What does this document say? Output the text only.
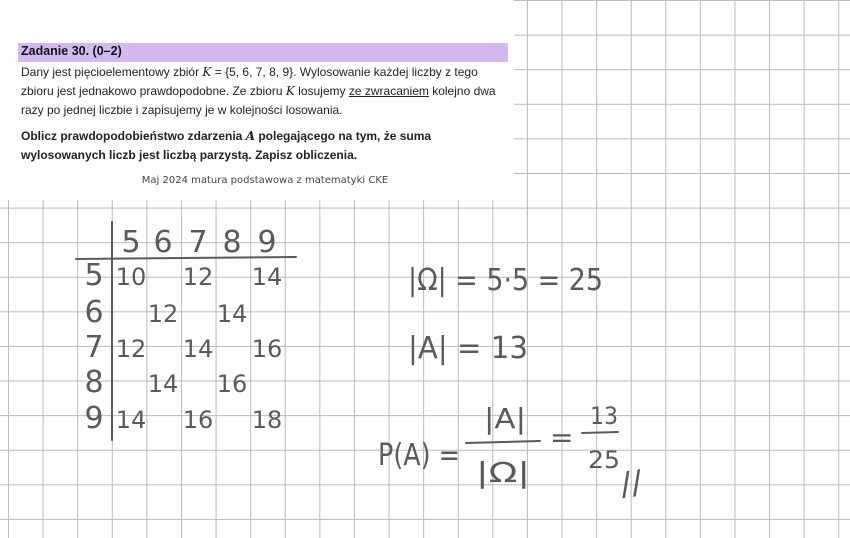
Zadanie 30. (0–2)
Dany jest pięcioelementowy zbiór K = {5, 6, 7, 8, 9}. Wylosowanie każdej liczby z tego zbioru jest jednakowo prawdopodobne. Ze zbioru K losujemy ze zwracaniem kolejno dwa razy po jednej liczbie i zapisujemy je w kolejności losowania.
Oblicz prawdopodobieństwo zdarzenia A polegającego na tym, że suma wylosowanych liczb jest liczbą parzystą. Zapisz obliczenia.
Maj 2024 matura podstawowa z matematyki CKE
5 6 7 8 9
5 10 12 14
6 12 14
7 12 14 16
8 14 16
9 14 16 18
|Ω| = 5·5 = 25
|A| = 13
P(A) =
|A|
|Ω|
=
13
25
//
